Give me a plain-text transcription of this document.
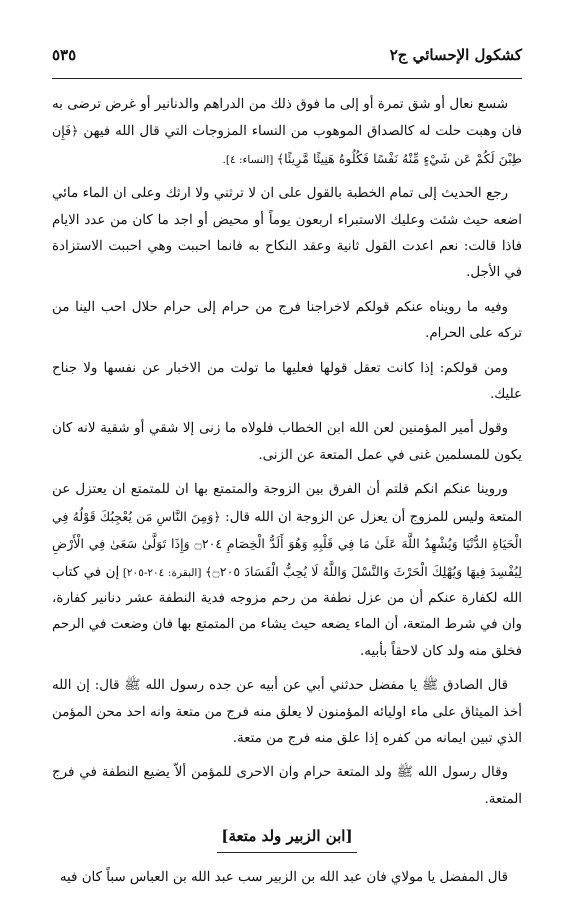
كشكول الإحسائي ج٢
٥٣٥

شسع نعال أو شق تمرة أو إلى ما فوق ذلك من الدراهم والدنانير أو غرض ترضى به فان وهبت حلت له كالصداق الموهوب من النساء المزوجات التي قال الله فيهن ﴿فَإِن طِبْنَ لَكُمْ عَن شَيْءٍ مِّنْهُ نَفْسًا فَكُلُوهُ هَنِيئًا مَّرِيئًا﴾ [النساء: ٤].

رجع الحديث إلى تمام الخطبة بالقول على ان لا ترثني ولا ارثك وعلى ان الماء مائي اضعه حيث شئت وعليك الاستبراء اربعون يوماً أو محيض أو اجد ما كان من عدد الايام فاذا قالت: نعم اعدت القول ثانية وعقد النكاح به فانما احببت وهي احببت الاستزادة في الأجل.

وفيه ما رويناه عنكم قولكم لاخراجنا فرج من حرام إلى حرام حلال احب الينا من تركه على الحرام.

ومن قولكم: إذا كانت تعقل قولها فعليها ما تولت من الاخبار عن نفسها ولا جناح عليك.

وقول أمير المؤمنين لعن الله ابن الخطاب فلولاه ما زنى إلا شقي أو شقية لانه كان يكون للمسلمين غنى في عمل المتعة عن الزنى.

وروينا عنكم انكم قلتم أن الفرق بين الزوجة والمتمتع بها ان للمتمتع ان يعتزل عن المتعة وليس للمزوج أن يعزل عن الزوجة ان الله قال: ﴿وَمِنَ النَّاسِ مَن يُعْجِبُكَ قَوْلُهُ فِي الْحَيَاةِ الدُّنْيَا وَيُشْهِدُ اللَّهَ عَلَىٰ مَا فِي قَلْبِهِ وَهُوَ أَلَدُّ الْخِصَامِ ۝٢٠٤ وَإِذَا تَوَلَّىٰ سَعَىٰ فِي الْأَرْضِ لِيُفْسِدَ فِيهَا وَيُهْلِكَ الْحَرْثَ وَالنَّسْلَ وَاللَّهُ لَا يُحِبُّ الْفَسَادَ ۝٢٠٥﴾ [البقرة: ٢٠٤-٢٠٥] إن في كتاب الله لكفارة عنكم أن من عزل نطفة من رحم مزوجه فدية النطفة عشر دنانير كفارة، وان في شرط المتعة، أن الماء يضعه حيث يشاء من المتمتع بها فان وضعت في الرحم فخلق منه ولد كان لاحقاً بأبيه.

قال الصادق ﷺ يا مفضل حدثني أبي عن أبيه عن جده رسول الله ﷺ قال: إن الله أخذ الميثاق على ماء اوليائه المؤمنون لا يعلق منه فرج من متعة وانه احد محن المؤمن الذي تبين ايمانه من كفره إذا علق منه فرج من متعة.

وقال رسول الله ﷺ ولد المتعة حرام وان الاحرى للمؤمن ألاّ يضيع النطفة في فرج المتعة.

[ابن الزبير ولد متعة]

قال المفضل يا مولاي فان عبد الله بن الزبير سب عبد الله بن العباس سباً كان فيه
